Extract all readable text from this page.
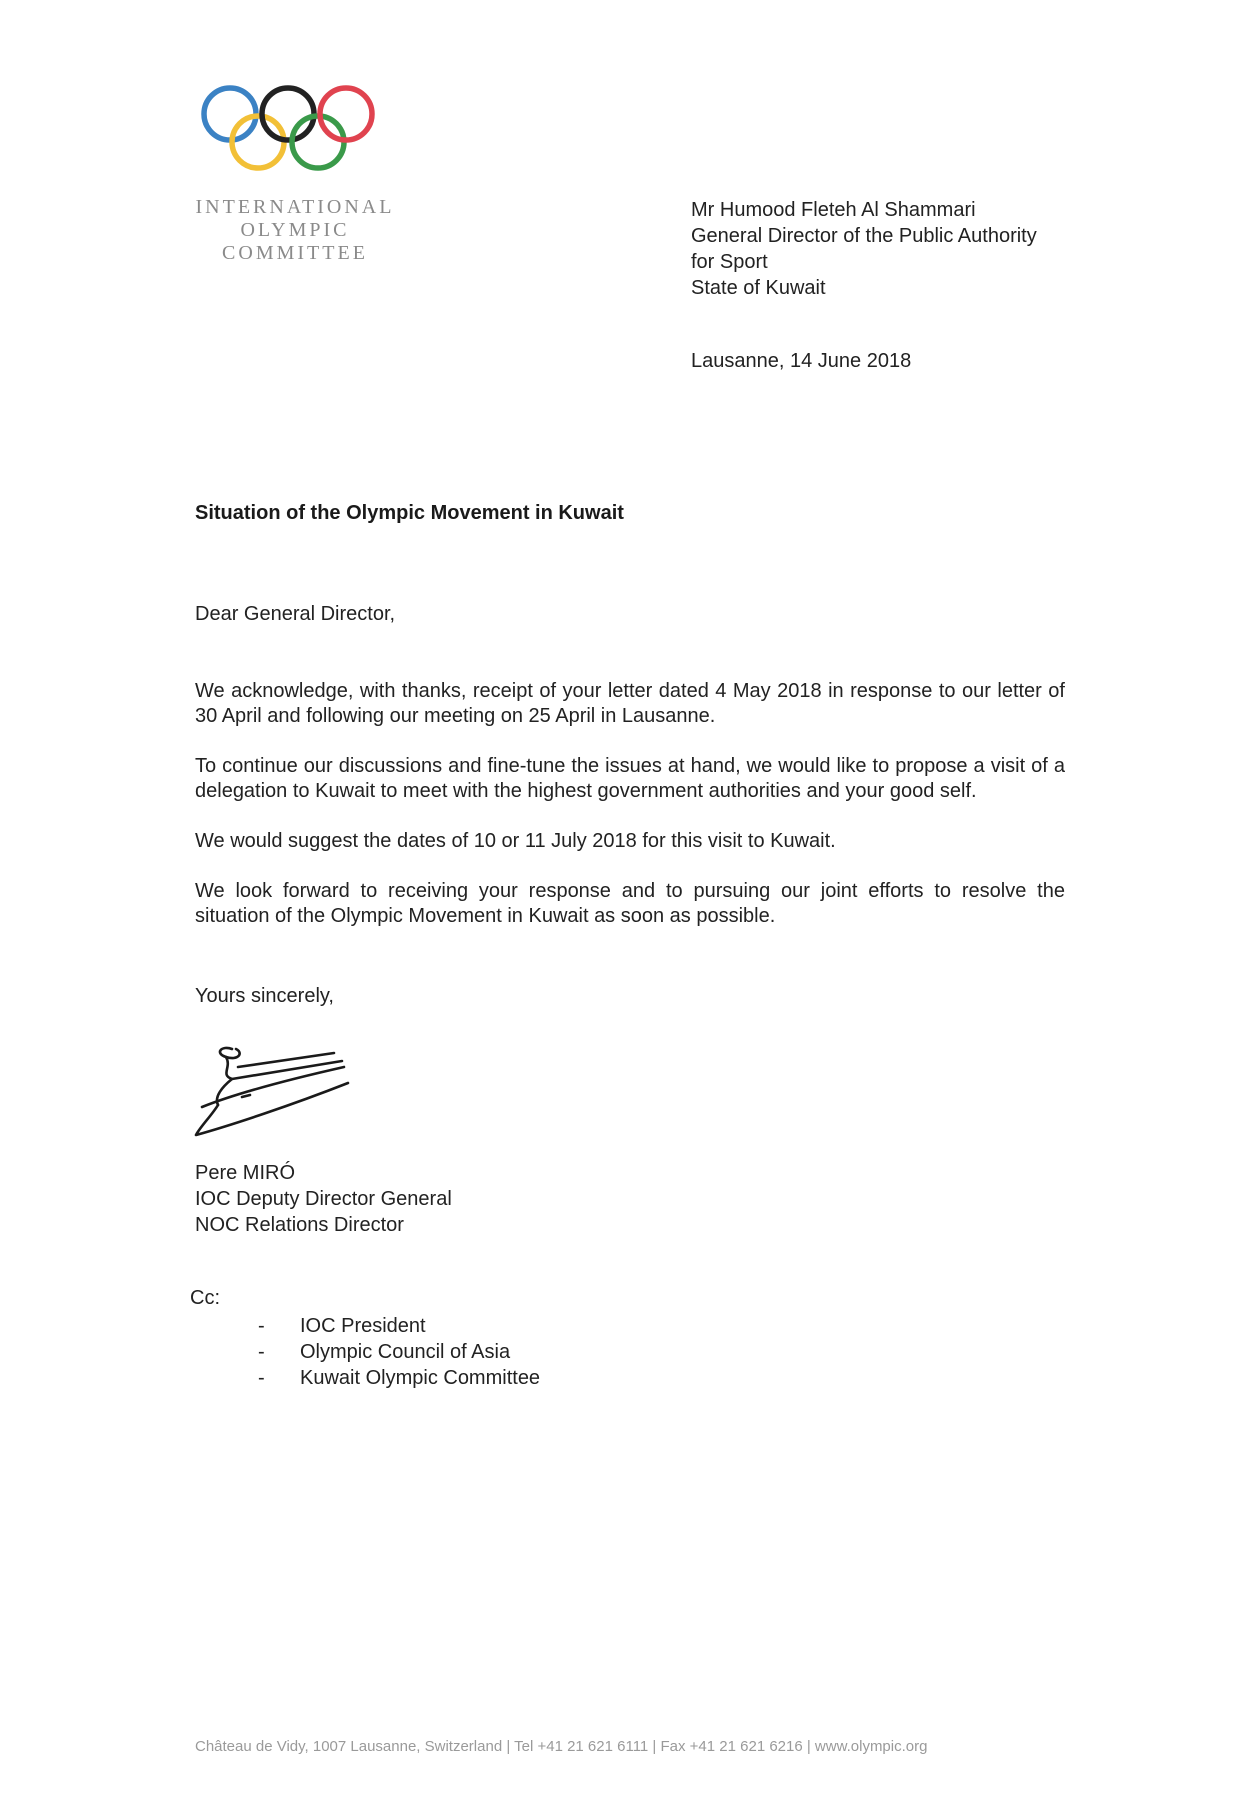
INTERNATIONAL
OLYMPIC
COMMITTEE
Mr Humood Fleteh Al Shammari
General Director of the Public Authority
for Sport
State of Kuwait
Lausanne, 14 June 2018
Situation of the Olympic Movement in Kuwait
Dear General Director,

We acknowledge, with thanks, receipt of your letter dated 4 May 2018 in response to our letter of 30 April and following our meeting on 25 April in Lausanne.

To continue our discussions and fine-tune the issues at hand, we would like to propose a visit of a delegation to Kuwait to meet with the highest government authorities and your good self.

We would suggest the dates of 10 or 11 July 2018 for this visit to Kuwait.

We look forward to receiving your response and to pursuing our joint efforts to resolve the situation of the Olympic Movement in Kuwait as soon as possible.

Yours sincerely,
Pere MIRÓ
IOC Deputy Director General
NOC Relations Director
Cc:
- IOC President
- Olympic Council of Asia
- Kuwait Olympic Committee
Château de Vidy, 1007 Lausanne, Switzerland | Tel +41 21 621 6111 | Fax +41 21 621 6216 | www.olympic.org
